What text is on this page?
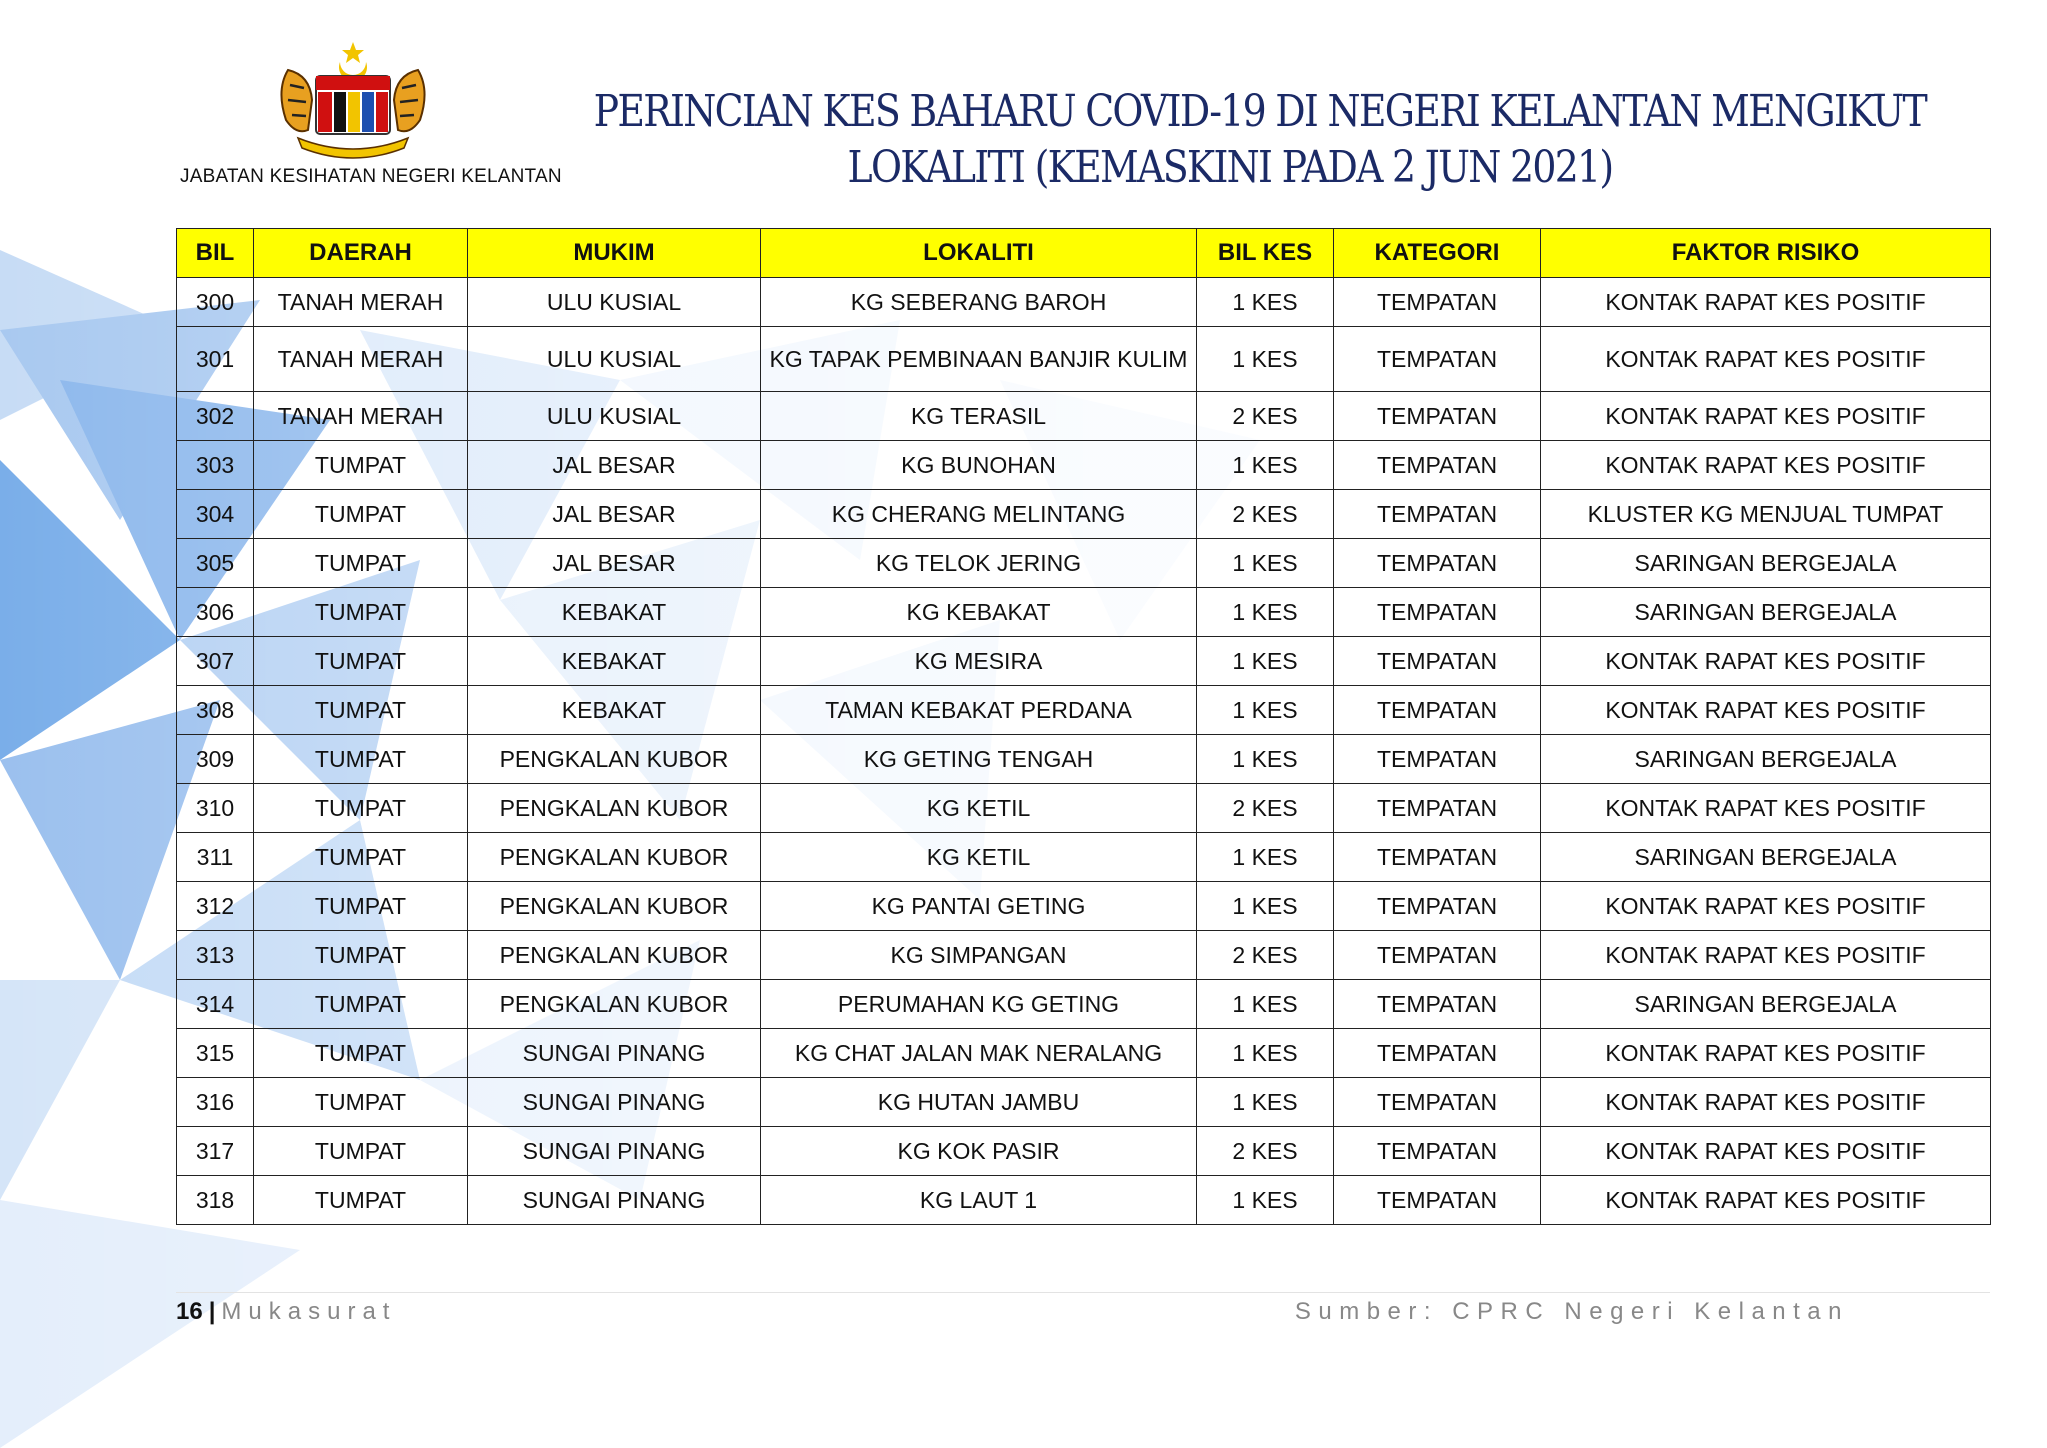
JABATAN KESIHATAN NEGERI KELANTAN
PERINCIAN KES BAHARU COVID-19 DI NEGERI KELANTAN MENGIKUT
LOKALITI (KEMASKINI PADA 2 JUN 2021)
BIL	DAERAH	MUKIM	LOKALITI	BIL KES	KATEGORI	FAKTOR RISIKO
300	TANAH MERAH	ULU KUSIAL	KG SEBERANG BAROH	1 KES	TEMPATAN	KONTAK RAPAT KES POSITIF
301	TANAH MERAH	ULU KUSIAL	KG TAPAK PEMBINAAN BANJIR KULIM	1 KES	TEMPATAN	KONTAK RAPAT KES POSITIF
302	TANAH MERAH	ULU KUSIAL	KG TERASIL	2 KES	TEMPATAN	KONTAK RAPAT KES POSITIF
303	TUMPAT	JAL BESAR	KG BUNOHAN	1 KES	TEMPATAN	KONTAK RAPAT KES POSITIF
304	TUMPAT	JAL BESAR	KG CHERANG MELINTANG	2 KES	TEMPATAN	KLUSTER KG MENJUAL TUMPAT
305	TUMPAT	JAL BESAR	KG TELOK JERING	1 KES	TEMPATAN	SARINGAN BERGEJALA
306	TUMPAT	KEBAKAT	KG KEBAKAT	1 KES	TEMPATAN	SARINGAN BERGEJALA
307	TUMPAT	KEBAKAT	KG MESIRA	1 KES	TEMPATAN	KONTAK RAPAT KES POSITIF
308	TUMPAT	KEBAKAT	TAMAN KEBAKAT PERDANA	1 KES	TEMPATAN	KONTAK RAPAT KES POSITIF
309	TUMPAT	PENGKALAN KUBOR	KG GETING TENGAH	1 KES	TEMPATAN	SARINGAN BERGEJALA
310	TUMPAT	PENGKALAN KUBOR	KG KETIL	2 KES	TEMPATAN	KONTAK RAPAT KES POSITIF
311	TUMPAT	PENGKALAN KUBOR	KG KETIL	1 KES	TEMPATAN	SARINGAN BERGEJALA
312	TUMPAT	PENGKALAN KUBOR	KG PANTAI GETING	1 KES	TEMPATAN	KONTAK RAPAT KES POSITIF
313	TUMPAT	PENGKALAN KUBOR	KG SIMPANGAN	2 KES	TEMPATAN	KONTAK RAPAT KES POSITIF
314	TUMPAT	PENGKALAN KUBOR	PERUMAHAN KG GETING	1 KES	TEMPATAN	SARINGAN BERGEJALA
315	TUMPAT	SUNGAI PINANG	KG CHAT JALAN MAK NERALANG	1 KES	TEMPATAN	KONTAK RAPAT KES POSITIF
316	TUMPAT	SUNGAI PINANG	KG HUTAN JAMBU	1 KES	TEMPATAN	KONTAK RAPAT KES POSITIF
317	TUMPAT	SUNGAI PINANG	KG KOK PASIR	2 KES	TEMPATAN	KONTAK RAPAT KES POSITIF
318	TUMPAT	SUNGAI PINANG	KG LAUT 1	1 KES	TEMPATAN	KONTAK RAPAT KES POSITIF
16 | Mukasurat	Sumber: CPRC Negeri Kelantan
